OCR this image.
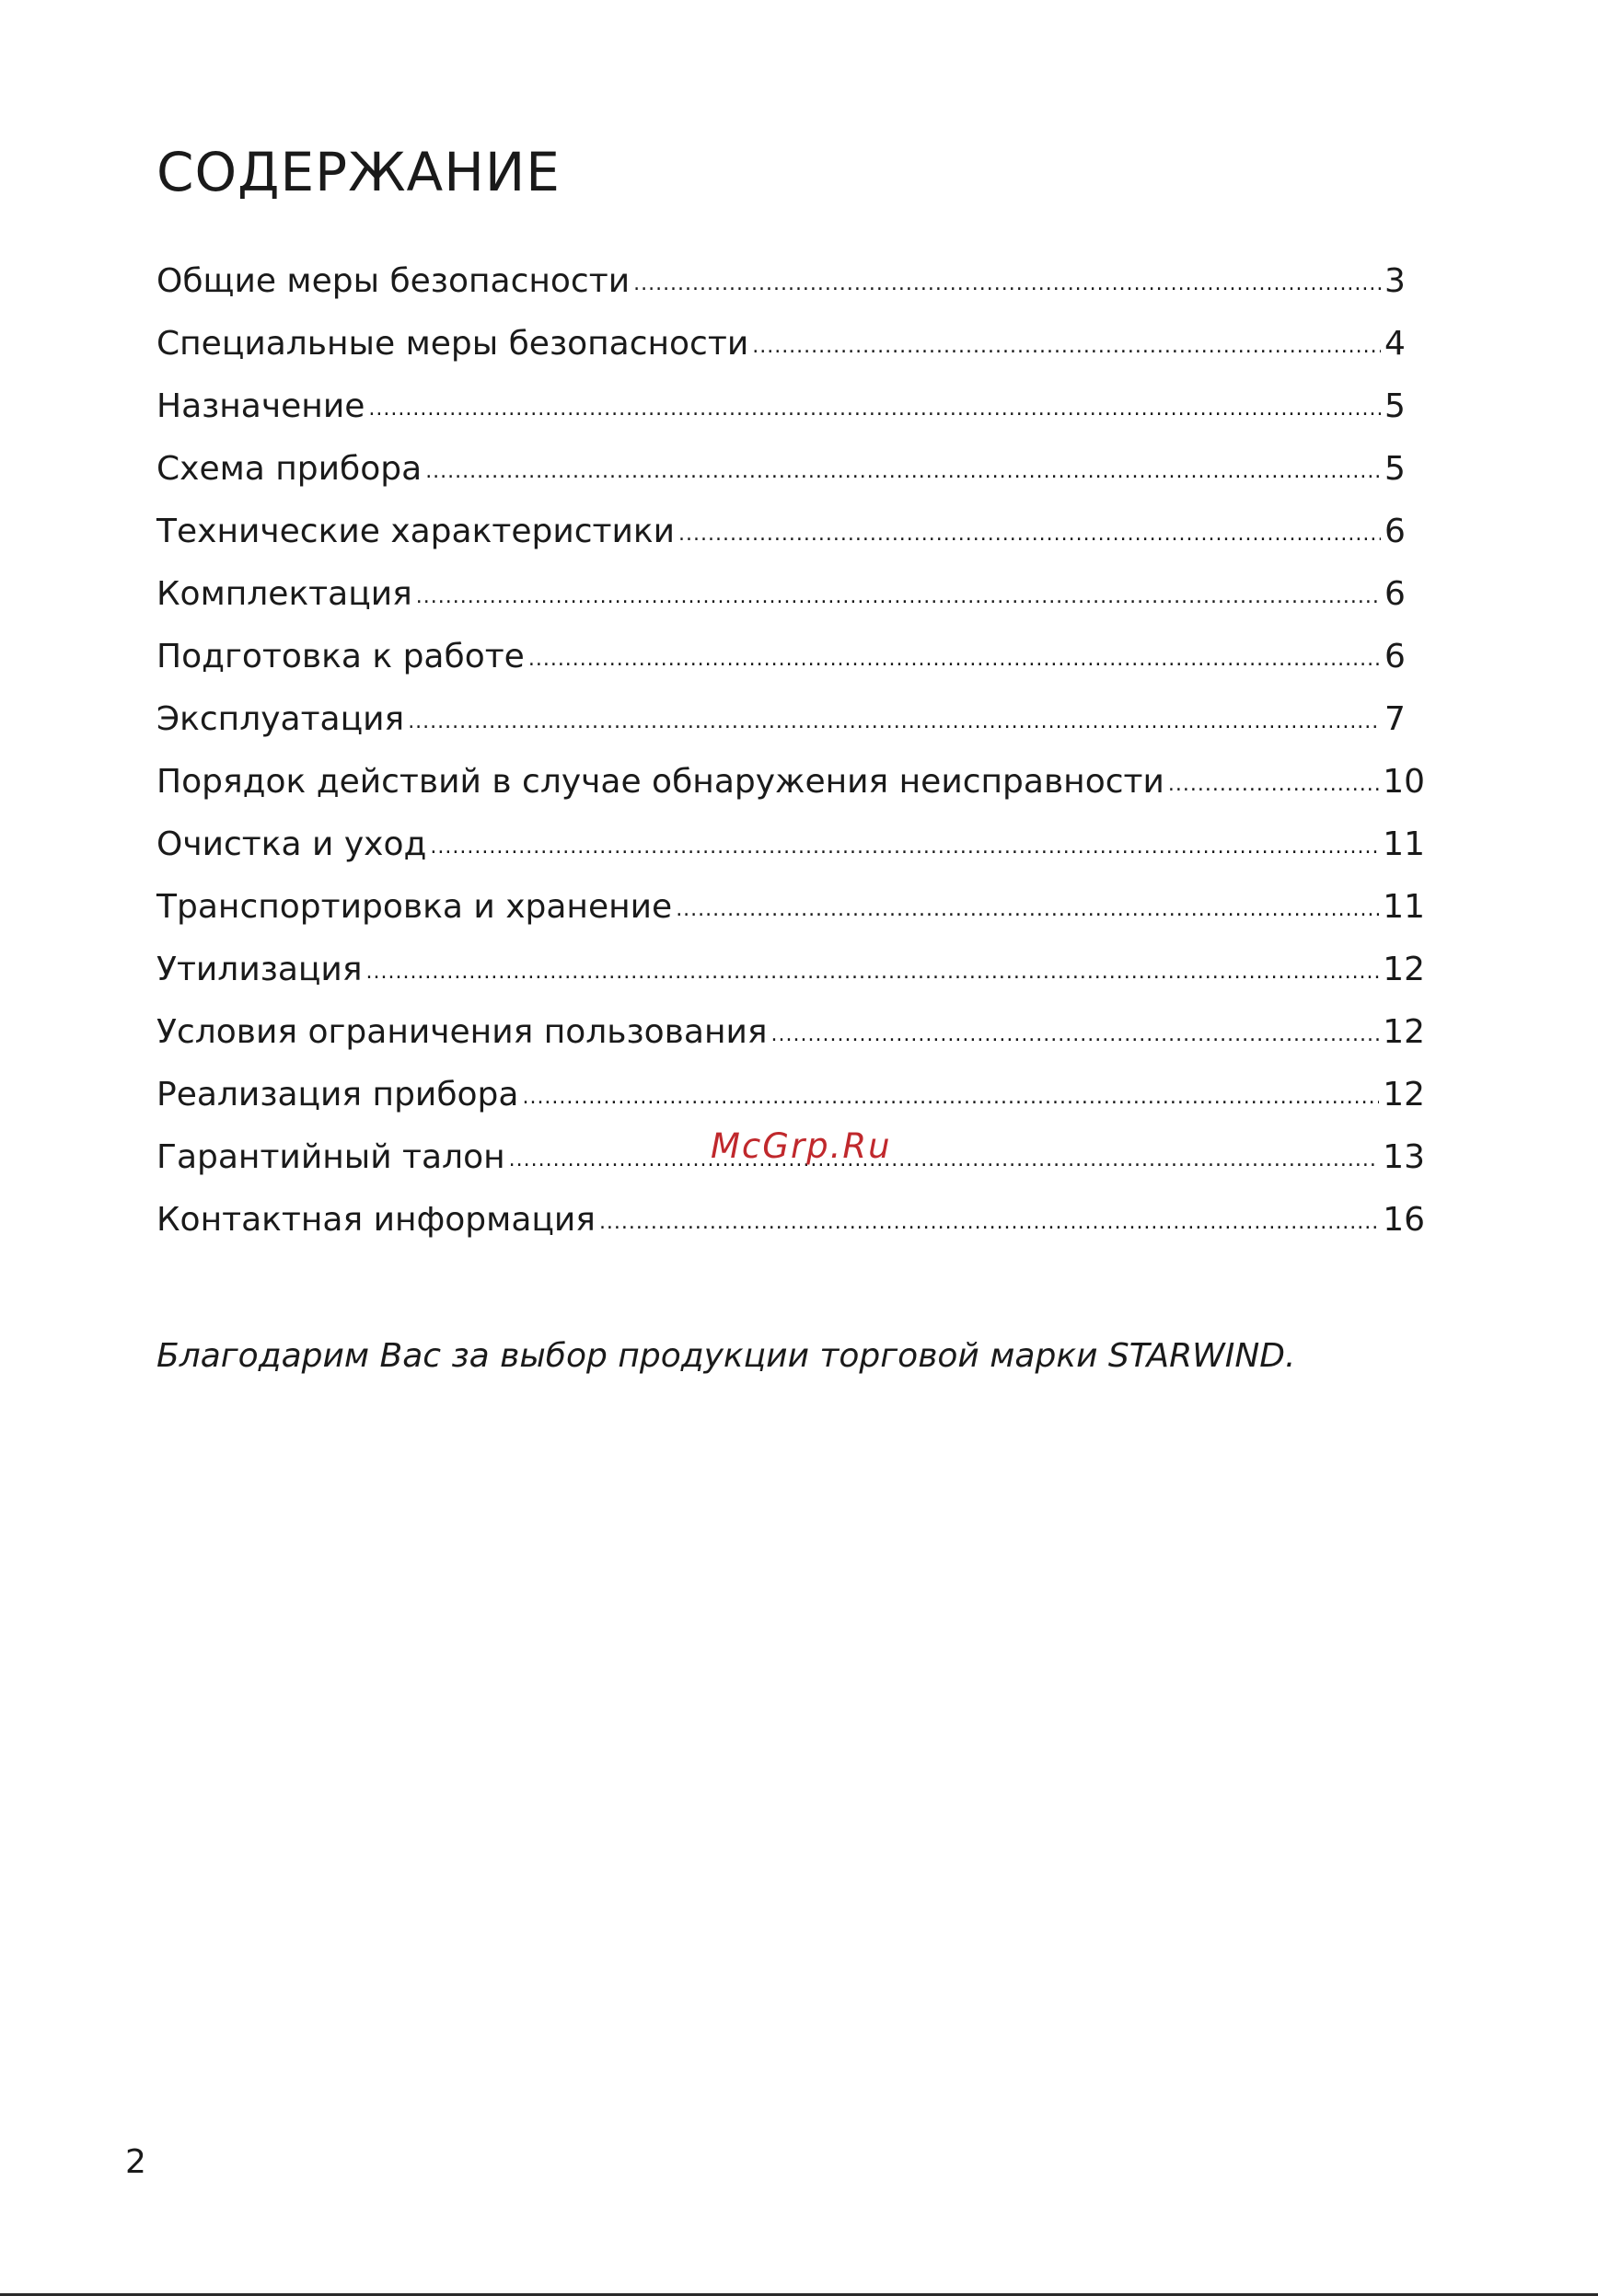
СОДЕРЖАНИЕ
Общие меры безопасности .....	3
Специальные меры безопасности .....	4
Назначение .....	5
Схема прибора .....	5
Технические характеристики .....	6
Комплектация .....	6
Подготовка к работе .....	6
Эксплуатация .....	7
Порядок действий в случае обнаружения неисправности .....	10
Очистка и уход .....	11
Транспортировка и хранение .....	11
Утилизация .....	12
Условия ограничения пользования .....	12
Реализация прибора .....	12
Гарантийный талон .....	13
Контактная информация .....	16
McGrp.Ru

Благодарим Вас за выбор продукции торговой марки STARWIND.

2
